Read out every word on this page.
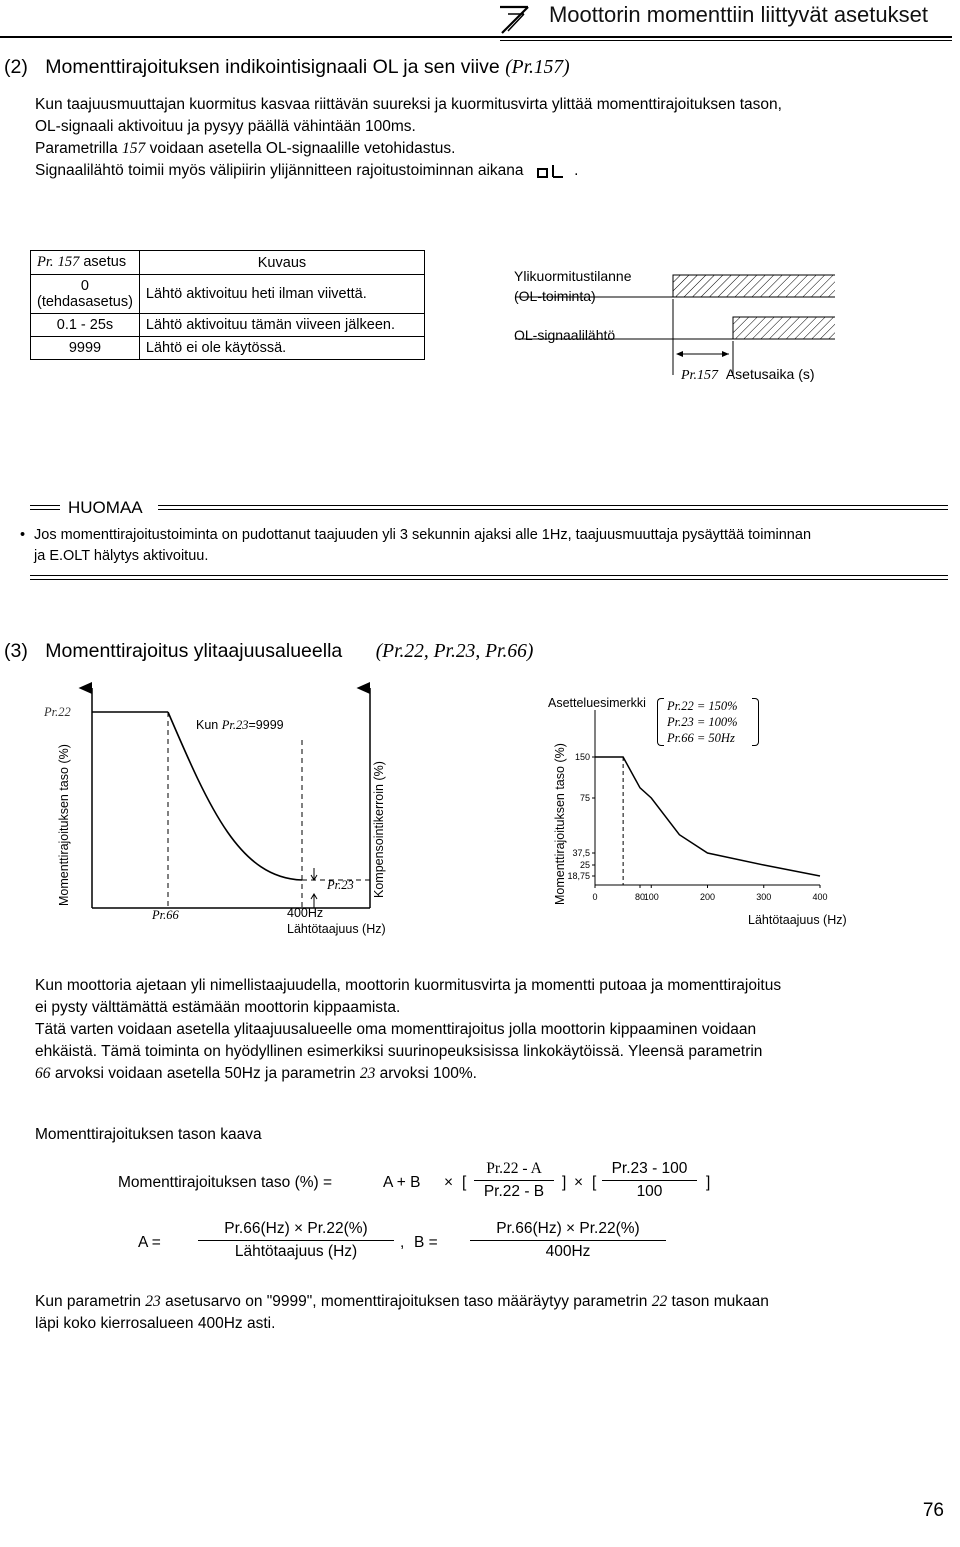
Moottorin momenttiin liittyvät asetukset
(2) Momenttirajoituksen indikointisignaali OL ja sen viive (Pr.157)
Kun taajuusmuuttajan kuormitus kasvaa riittävän suureksi ja kuormitusvirta ylittää momenttirajoituksen tason,
OL-signaali aktivoituu ja pysyy päällä vähintään 100ms.
Parametrilla 157 voidaan asetella OL-signaalille vetohidastus.
Signaalilähtö toimii myös välipiirin ylijännitteen rajoitustoiminnan aikana	.
Pr. 157 asetus	Kuvaus

0
(tehdasasetus)	Lähtö aktivoituu heti ilman viivettä.
0.1 - 25s	Lähtö aktivoituu tämän viiveen jälkeen.
9999	Lähtö ei ole käytössä.
Ylikuormitustilanne
(OL-toiminta)
OL-signaalilähtö
Pr.157 Asetusaika (s)
HUOMAA
• Jos momenttirajoitustoiminta on pudottanut taajuuden yli 3 sekunnin ajaksi alle 1Hz, taajuusmuuttaja pysäyttää toiminnan
ja E.OLT hälytys aktivoituu.
(3) Momenttirajoitus ylitaajuusalueella (Pr.22, Pr.23, Pr.66)
Pr.22
Momenttirajoituksen taso (%)
Kun Pr.23=9999
Pr.66
Pr.23
400Hz
Lähtötaajuus (Hz)
Kompensointikerroin (%)
150
75
37,5
25
18,75
0	80
100	200	300	400
Asetteluesimerkki
Momenttirajoituksen taso (%)
Lähtötaajuus (Hz)
Pr.22 = 150%
Pr.23 = 100%
Pr.66 = 50Hz
Kun moottoria ajetaan yli nimellistaajuudella, moottorin kuormitusvirta ja momentti putoaa ja momenttirajoitus
ei pysty välttämättä estämään moottorin kippaamista.
Tätä varten voidaan asetella ylitaajuusalueelle oma momenttirajoitus jolla moottorin kippaaminen voidaan
ehkäistä. Tämä toiminta on hyödyllinen esimerkiksi suurinopeuksisissa linkokäytöissä. Yleensä parametrin
66 arvoksi voidaan asetella 50Hz ja parametrin 23 arvoksi 100%.
Momenttirajoituksen tason kaava
Momenttirajoituksen taso (%) =	A + B × [
Pr.22 - A
Pr.22 - B
] × [
Pr.23 - 100
100
]
A =
Pr.66(Hz) × Pr.22(%)
Lähtötaajuus (Hz)
, B =
Pr.66(Hz) × Pr.22(%)
400Hz
Kun parametrin 23 asetusarvo on "9999", momenttirajoituksen taso määräytyy parametrin 22 tason mukaan
läpi koko kierrosalueen 400Hz asti.
76
